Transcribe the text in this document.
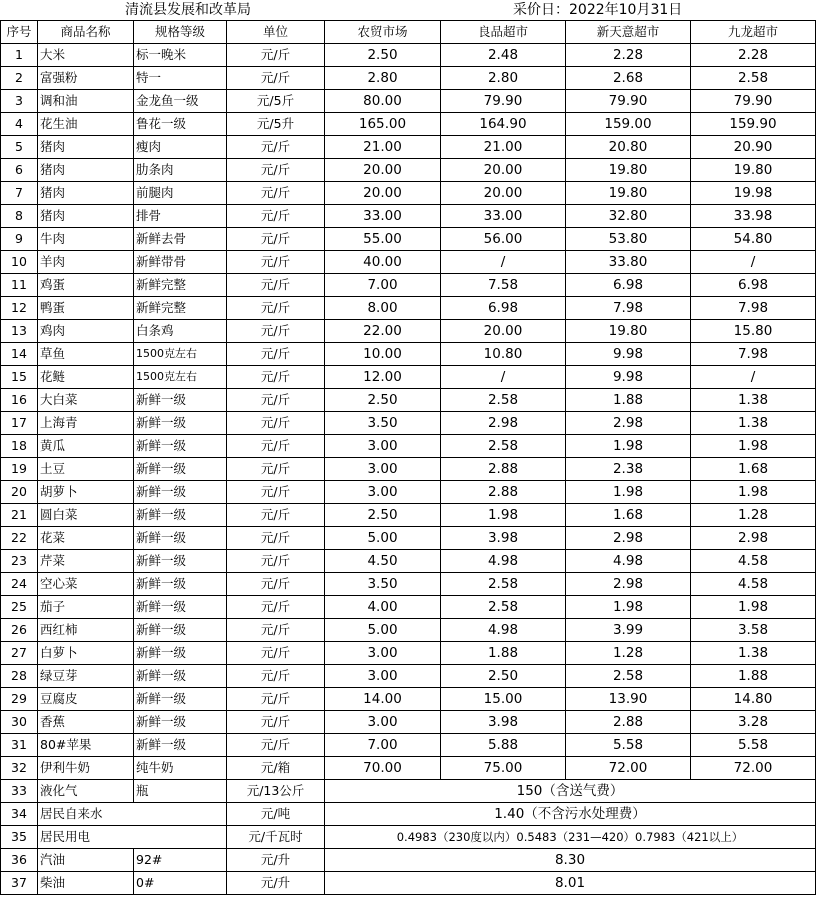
清流县发展和改革局	采价日：2022年10月31日
序号	商品名称	规格等级	单位	农贸市场	良品超市	新天意超市	九龙超市
1	大米	标一晚米	元/斤	2.50	2.48	2.28	2.28
2	富强粉	特一	元/斤	2.80	2.80	2.68	2.58
3	调和油	金龙鱼一级	元/5斤	80.00	79.90	79.90	79.90
4	花生油	鲁花一级	元/5升	165.00	164.90	159.00	159.90
5	猪肉	瘦肉	元/斤	21.00	21.00	20.80	20.90
6	猪肉	肋条肉	元/斤	20.00	20.00	19.80	19.80
7	猪肉	前腿肉	元/斤	20.00	20.00	19.80	19.98
8	猪肉	排骨	元/斤	33.00	33.00	32.80	33.98
9	牛肉	新鲜去骨	元/斤	55.00	56.00	53.80	54.80
10	羊肉	新鲜带骨	元/斤	40.00	/	33.80	/
11	鸡蛋	新鲜完整	元/斤	7.00	7.58	6.98	6.98
12	鸭蛋	新鲜完整	元/斤	8.00	6.98	7.98	7.98
13	鸡肉	白条鸡	元/斤	22.00	20.00	19.80	15.80
14	草鱼	1500克左右	元/斤	10.00	10.80	9.98	7.98
15	花鲢	1500克左右	元/斤	12.00	/	9.98	/
16	大白菜	新鲜一级	元/斤	2.50	2.58	1.88	1.38
17	上海青	新鲜一级	元/斤	3.50	2.98	2.98	1.38
18	黄瓜	新鲜一级	元/斤	3.00	2.58	1.98	1.98
19	土豆	新鲜一级	元/斤	3.00	2.88	2.38	1.68
20	胡萝卜	新鲜一级	元/斤	3.00	2.88	1.98	1.98
21	圆白菜	新鲜一级	元/斤	2.50	1.98	1.68	1.28
22	花菜	新鲜一级	元/斤	5.00	3.98	2.98	2.98
23	芹菜	新鲜一级	元/斤	4.50	4.98	4.98	4.58
24	空心菜	新鲜一级	元/斤	3.50	2.58	2.98	4.58
25	茄子	新鲜一级	元/斤	4.00	2.58	1.98	1.98
26	西红柿	新鲜一级	元/斤	5.00	4.98	3.99	3.58
27	白萝卜	新鲜一级	元/斤	3.00	1.88	1.28	1.38
28	绿豆芽	新鲜一级	元/斤	3.00	2.50	2.58	1.88
29	豆腐皮	新鲜一级	元/斤	14.00	15.00	13.90	14.80
30	香蕉	新鲜一级	元/斤	3.00	3.98	2.88	3.28
31	80#苹果	新鲜一级	元/斤	7.00	5.88	5.58	5.58
32	伊利牛奶	纯牛奶	元/箱	70.00	75.00	72.00	72.00
33	液化气	瓶	元/13公斤	150（含送气费）			
34	居民自来水		元/吨	1.40（不含污水处理费）			
35	居民用电		元/千瓦时	0.4983（230度以内）0.5483（231—420）0.7983（421以上）			
36	汽油	92#	元/升	8.30			
37	柴油	0#	元/升	8.01			
